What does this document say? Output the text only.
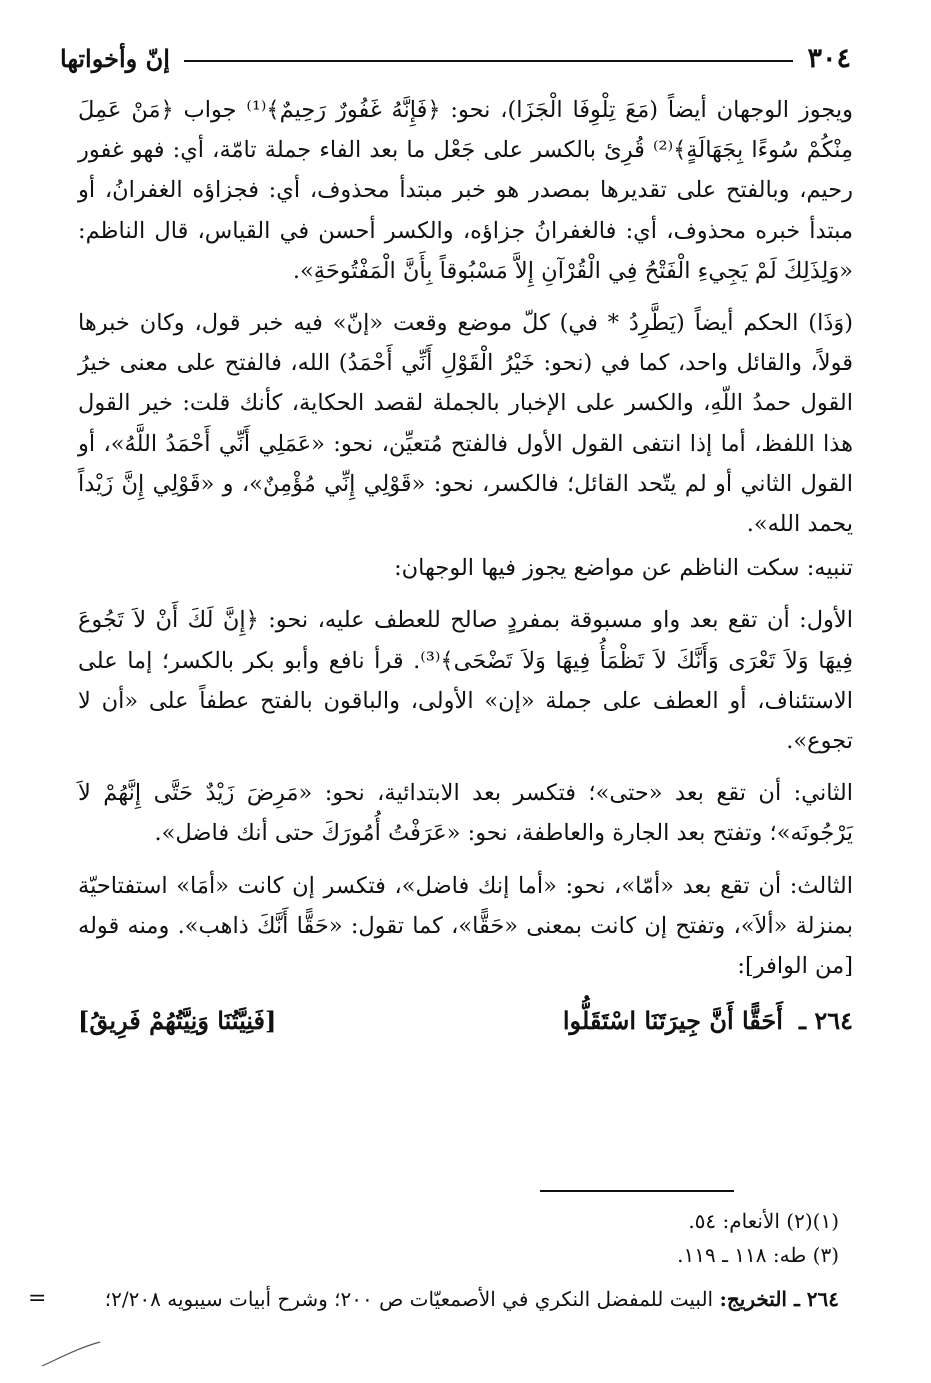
٣٠٤
إنّ وأخواتها

ويجوز الوجهان أيضاً (مَعَ تِلْوِفَا الْجَزَا)، نحو: ﴿فَإِنَّهُ غَفُورٌ رَحِيمٌ﴾⁽¹⁾ جواب ﴿مَنْ عَمِلَ مِنْكُمْ سُوءًا بِجَهَالَةٍ﴾⁽²⁾ قُرِئ بالكسر على جَعْل ما بعد الفاء جملة تامّة، أي: فهو غفور رحيم، وبالفتح على تقديرها بمصدر هو خبر مبتدأ محذوف، أي: فجزاؤه الغفرانُ، أو مبتدأ خبره محذوف، أي: فالغفرانُ جزاؤه، والكسر أحسن في القياس، قال الناظم: «وَلِذَلِكَ لَمْ يَجِيءِ الْفَتْحُ فِي الْقُرْآنِ إِلاَّ مَسْبُوقاً بِأَنَّ الْمَفْتُوحَةِ».

(وَذَا) الحكم أيضاً (يَطَّرِدُ * في) كلّ موضع وقعت «إنّ» فيه خبر قول، وكان خبرها قولاً، والقائل واحد، كما في (نحو: خَيْرُ الْقَوْلِ أَنِّي أَحْمَدُ) الله، فالفتح على معنى خيرُ القول حمدُ اللّهِ، والكسر على الإخبار بالجملة لقصد الحكاية، كأنك قلت: خير القول هذا اللفظ، أما إذا انتفى القول الأول فالفتح مُتعيِّن، نحو: «عَمَلِي أَنِّي أَحْمَدُ اللَّهُ»، أو القول الثاني أو لم يتّحد القائل؛ فالكسر، نحو: «قَوْلِي إِنِّي مُؤْمِنٌ»، و «قَوْلِي إِنَّ زَيْداً يحمد الله».

تنبيه: سكت الناظم عن مواضع يجوز فيها الوجهان:

الأول: أن تقع بعد واو مسبوقة بمفردٍ صالح للعطف عليه، نحو: ﴿إِنَّ لَكَ أَنْ لاَ تَجُوعَ فِيهَا وَلاَ تَعْرَى وَأَنَّكَ لاَ تَظْمَأُ فِيهَا وَلاَ تَضْحَى﴾⁽³⁾. قرأ نافع وأبو بكر بالكسر؛ إما على الاستئناف، أو العطف على جملة «إن» الأولى، والباقون بالفتح عطفاً على «أن لا تجوع».

الثاني: أن تقع بعد «حتى»؛ فتكسر بعد الابتدائية، نحو: «مَرِضَ زَيْدٌ حَتَّى إِنَّهُمْ لاَ يَرْجُونَه»؛ وتفتح بعد الجارة والعاطفة، نحو: «عَرَفْتُ أُمُورَكَ حتى أنك فاضل».

الثالث: أن تقع بعد «أمّا»، نحو: «أما إنك فاضل»، فتكسر إن كانت «أمَا» استفتاحيّة بمنزلة «ألاَ»، وتفتح إن كانت بمعنى «حَقًّا»، كما تقول: «حَقًّا أَنَّكَ ذاهب». ومنه قوله [من الوافر]:

٢٦٤ ـ
أَحَقًّا أَنَّ جِيرَتَنَا اسْتَقَلُّوا
[فَنِيَّتُنَا وَنِيَّتُهُمْ فَرِيقُ]

(١)(٢) الأنعام: ٥٤.

(٣) طه: ١١٨ ـ ١١٩.

٢٦٤ ـ التخريج:

البيت للمفضل النكري في الأصمعيّات ص ٢٠٠؛ وشرح أبيات سيبويه ٢/٢٠٨؛
=
